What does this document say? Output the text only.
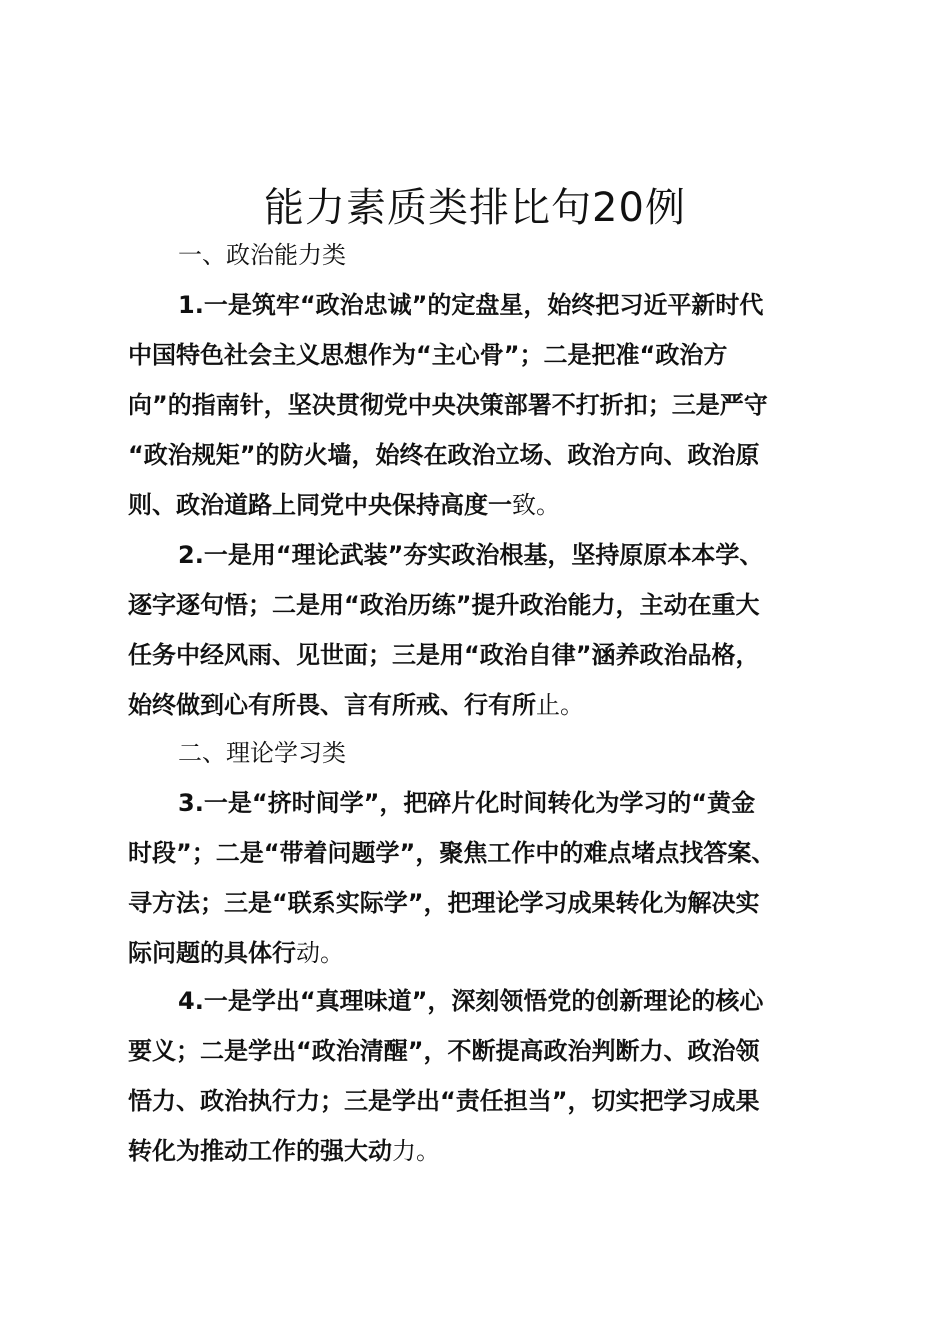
能力素质类排比句20例
一、政治能力类
1.一是筑牢“政治忠诚”的定盘星，始终把习近平新时代
中国特色社会主义思想作为“主心骨”；二是把准“政治方
向”的指南针，坚决贯彻党中央决策部署不打折扣；三是严守
“政治规矩”的防火墙，始终在政治立场、政治方向、政治原
则、政治道路上同党中央保持高度一致。
2.一是用“理论武装”夯实政治根基，坚持原原本本学、
逐字逐句悟；二是用“政治历练”提升政治能力，主动在重大
任务中经风雨、见世面；三是用“政治自律”涵养政治品格，
始终做到心有所畏、言有所戒、行有所止。
二、理论学习类
3.一是“挤时间学”，把碎片化时间转化为学习的“黄金
时段”；二是“带着问题学”，聚焦工作中的难点堵点找答案、
寻方法；三是“联系实际学”，把理论学习成果转化为解决实
际问题的具体行动。
4.一是学出“真理味道”，深刻领悟党的创新理论的核心
要义；二是学出“政治清醒”，不断提高政治判断力、政治领
悟力、政治执行力；三是学出“责任担当”，切实把学习成果
转化为推动工作的强大动力。
